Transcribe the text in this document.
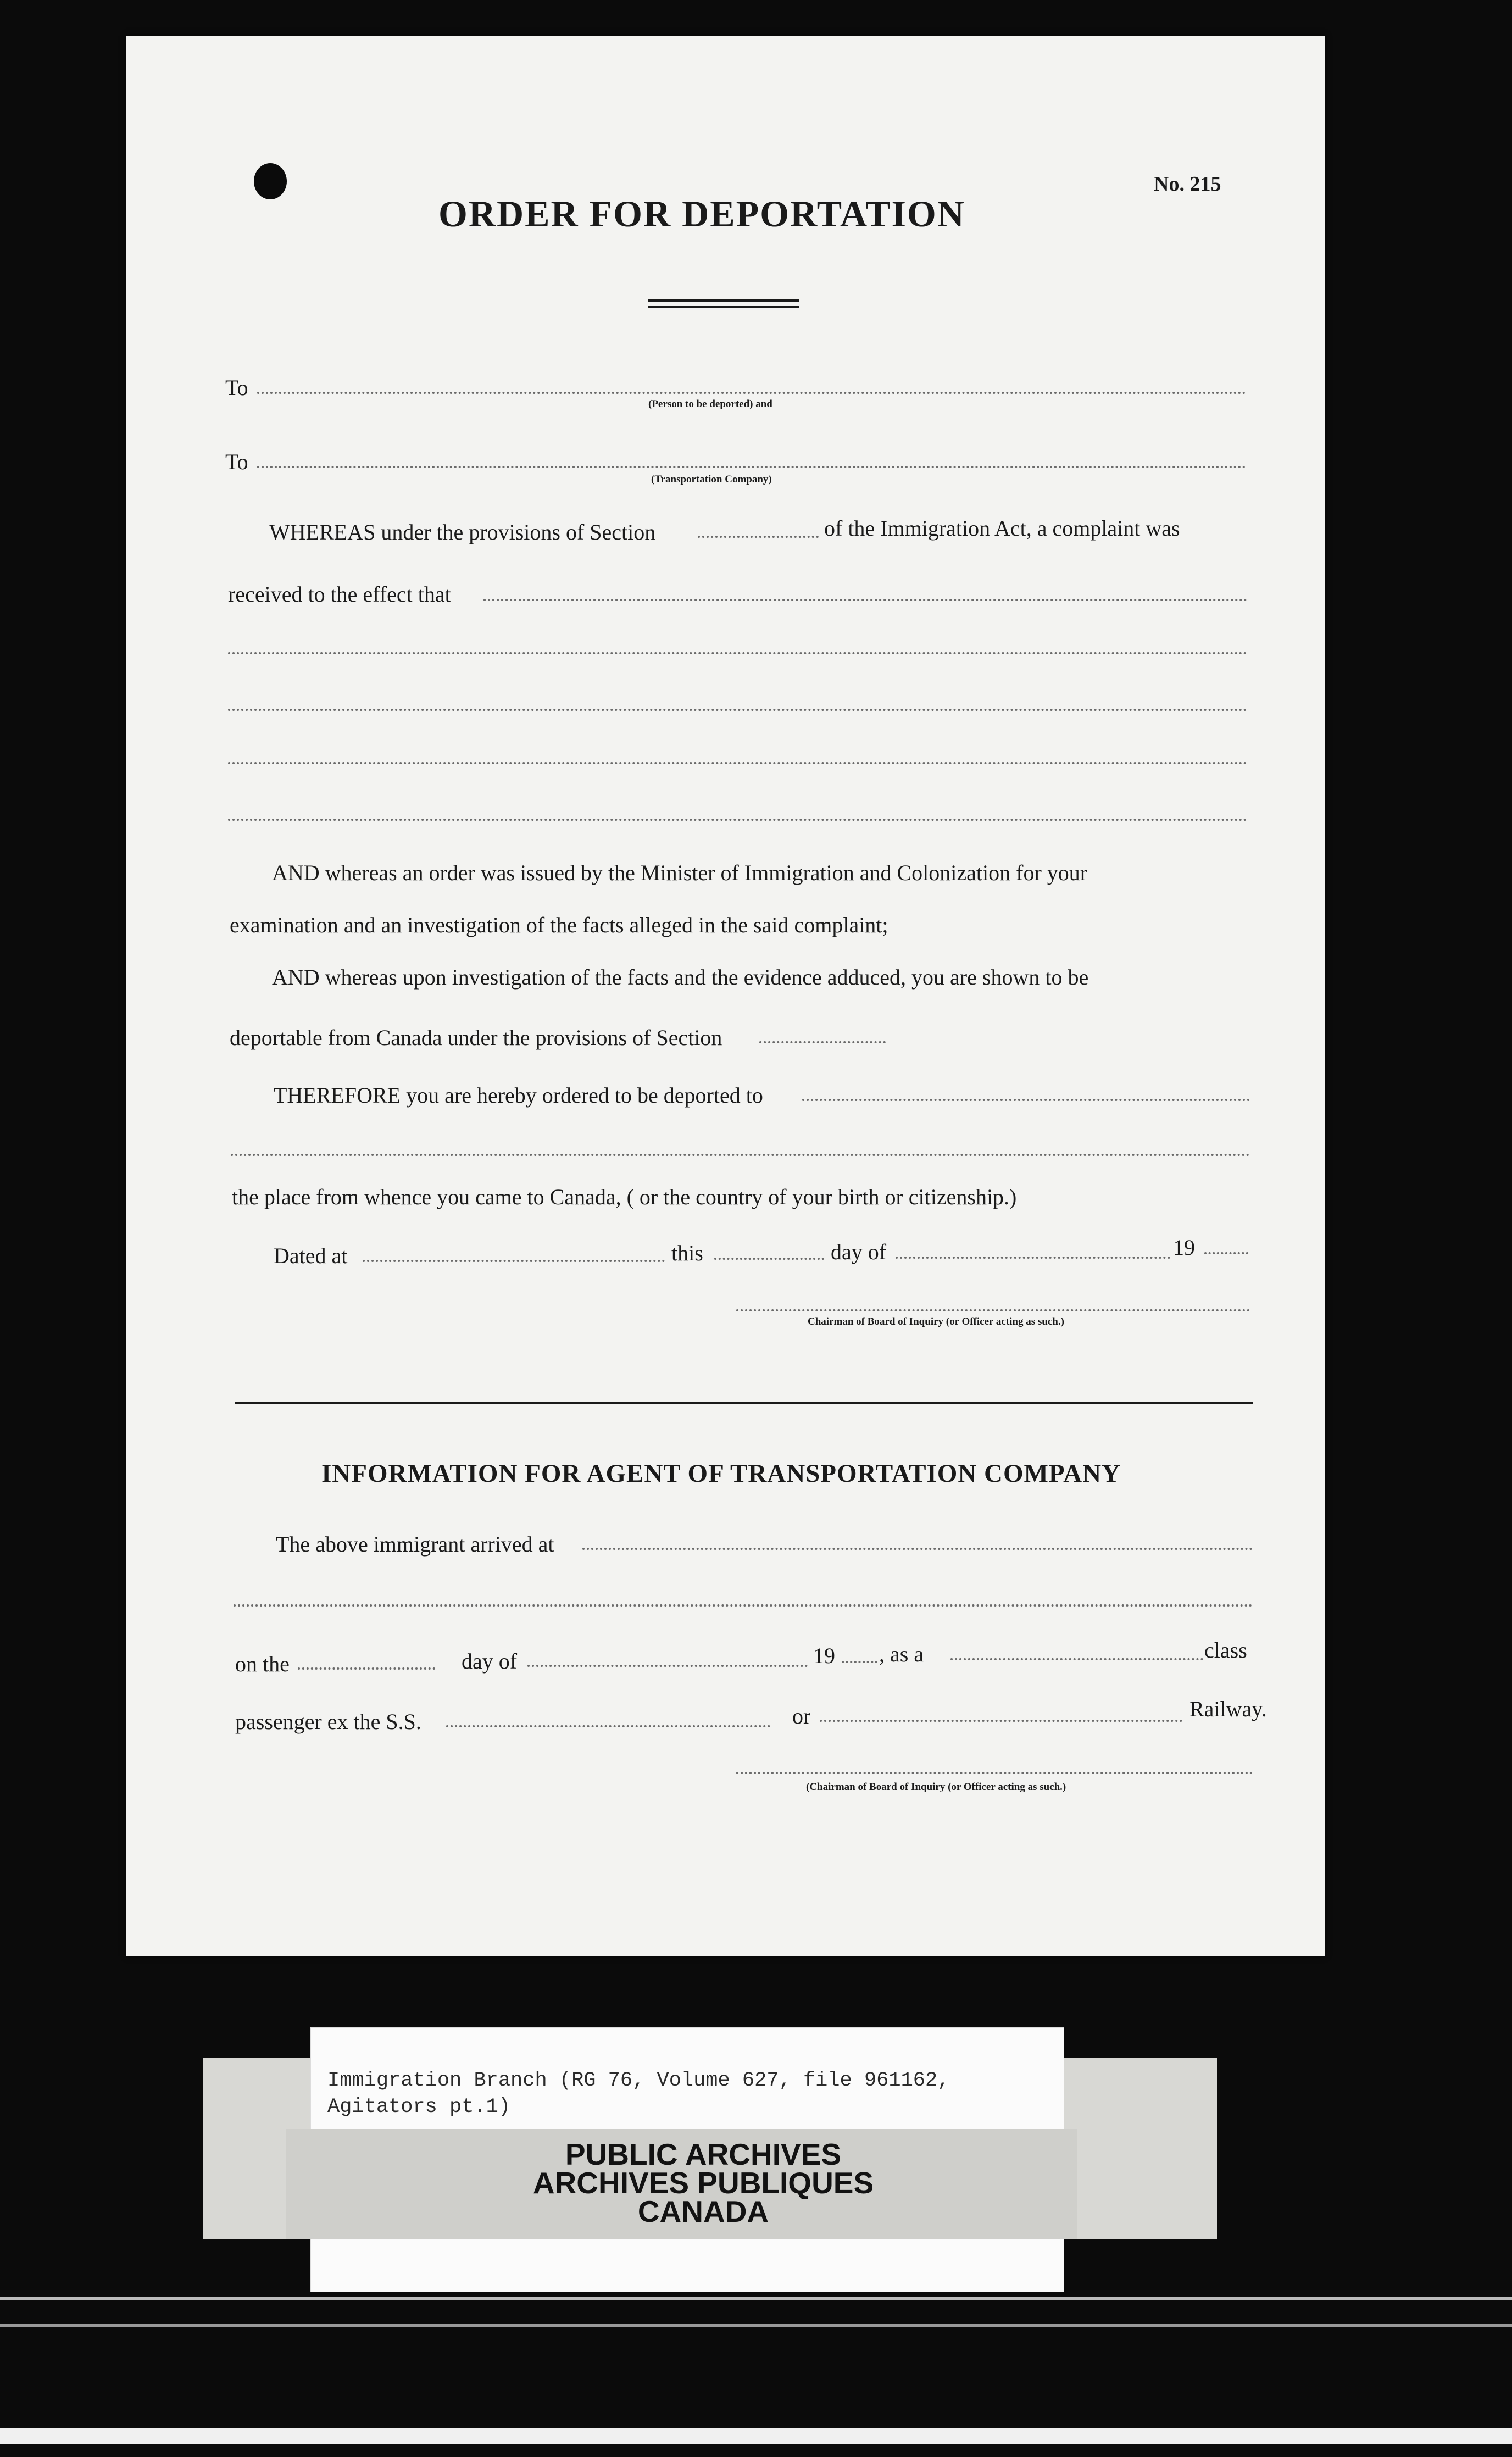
No. 215
ORDER FOR DEPORTATION
To
(Person to be deported) and
To
(Transportation Company)
WHEREAS under the provisions of Section	of the Immigration Act, a complaint was
received to the effect that
AND whereas an order was issued by the Minister of Immigration and Colonization for your
examination and an investigation of the facts alleged in the said complaint;
AND whereas upon investigation of the facts and the evidence adduced, you are shown to be
deportable from Canada under the provisions of Section
THEREFORE you are hereby ordered to be deported to
the place from whence you came to Canada, ( or the country of your birth or citizenship.)
Dated at	this	day of	19
Chairman of Board of Inquiry (or Officer acting as such.)
INFORMATION FOR AGENT OF TRANSPORTATION COMPANY
The above immigrant arrived at
on the	day of	19 , as a	class
passenger ex the S.S.	or	Railway.
(Chairman of Board of Inquiry (or Officer acting as such.)
Immigration Branch (RG 76, Volume 627, file 961162,
Agitators pt.1)
PUBLIC ARCHIVES
ARCHIVES PUBLIQUES
CANADA
